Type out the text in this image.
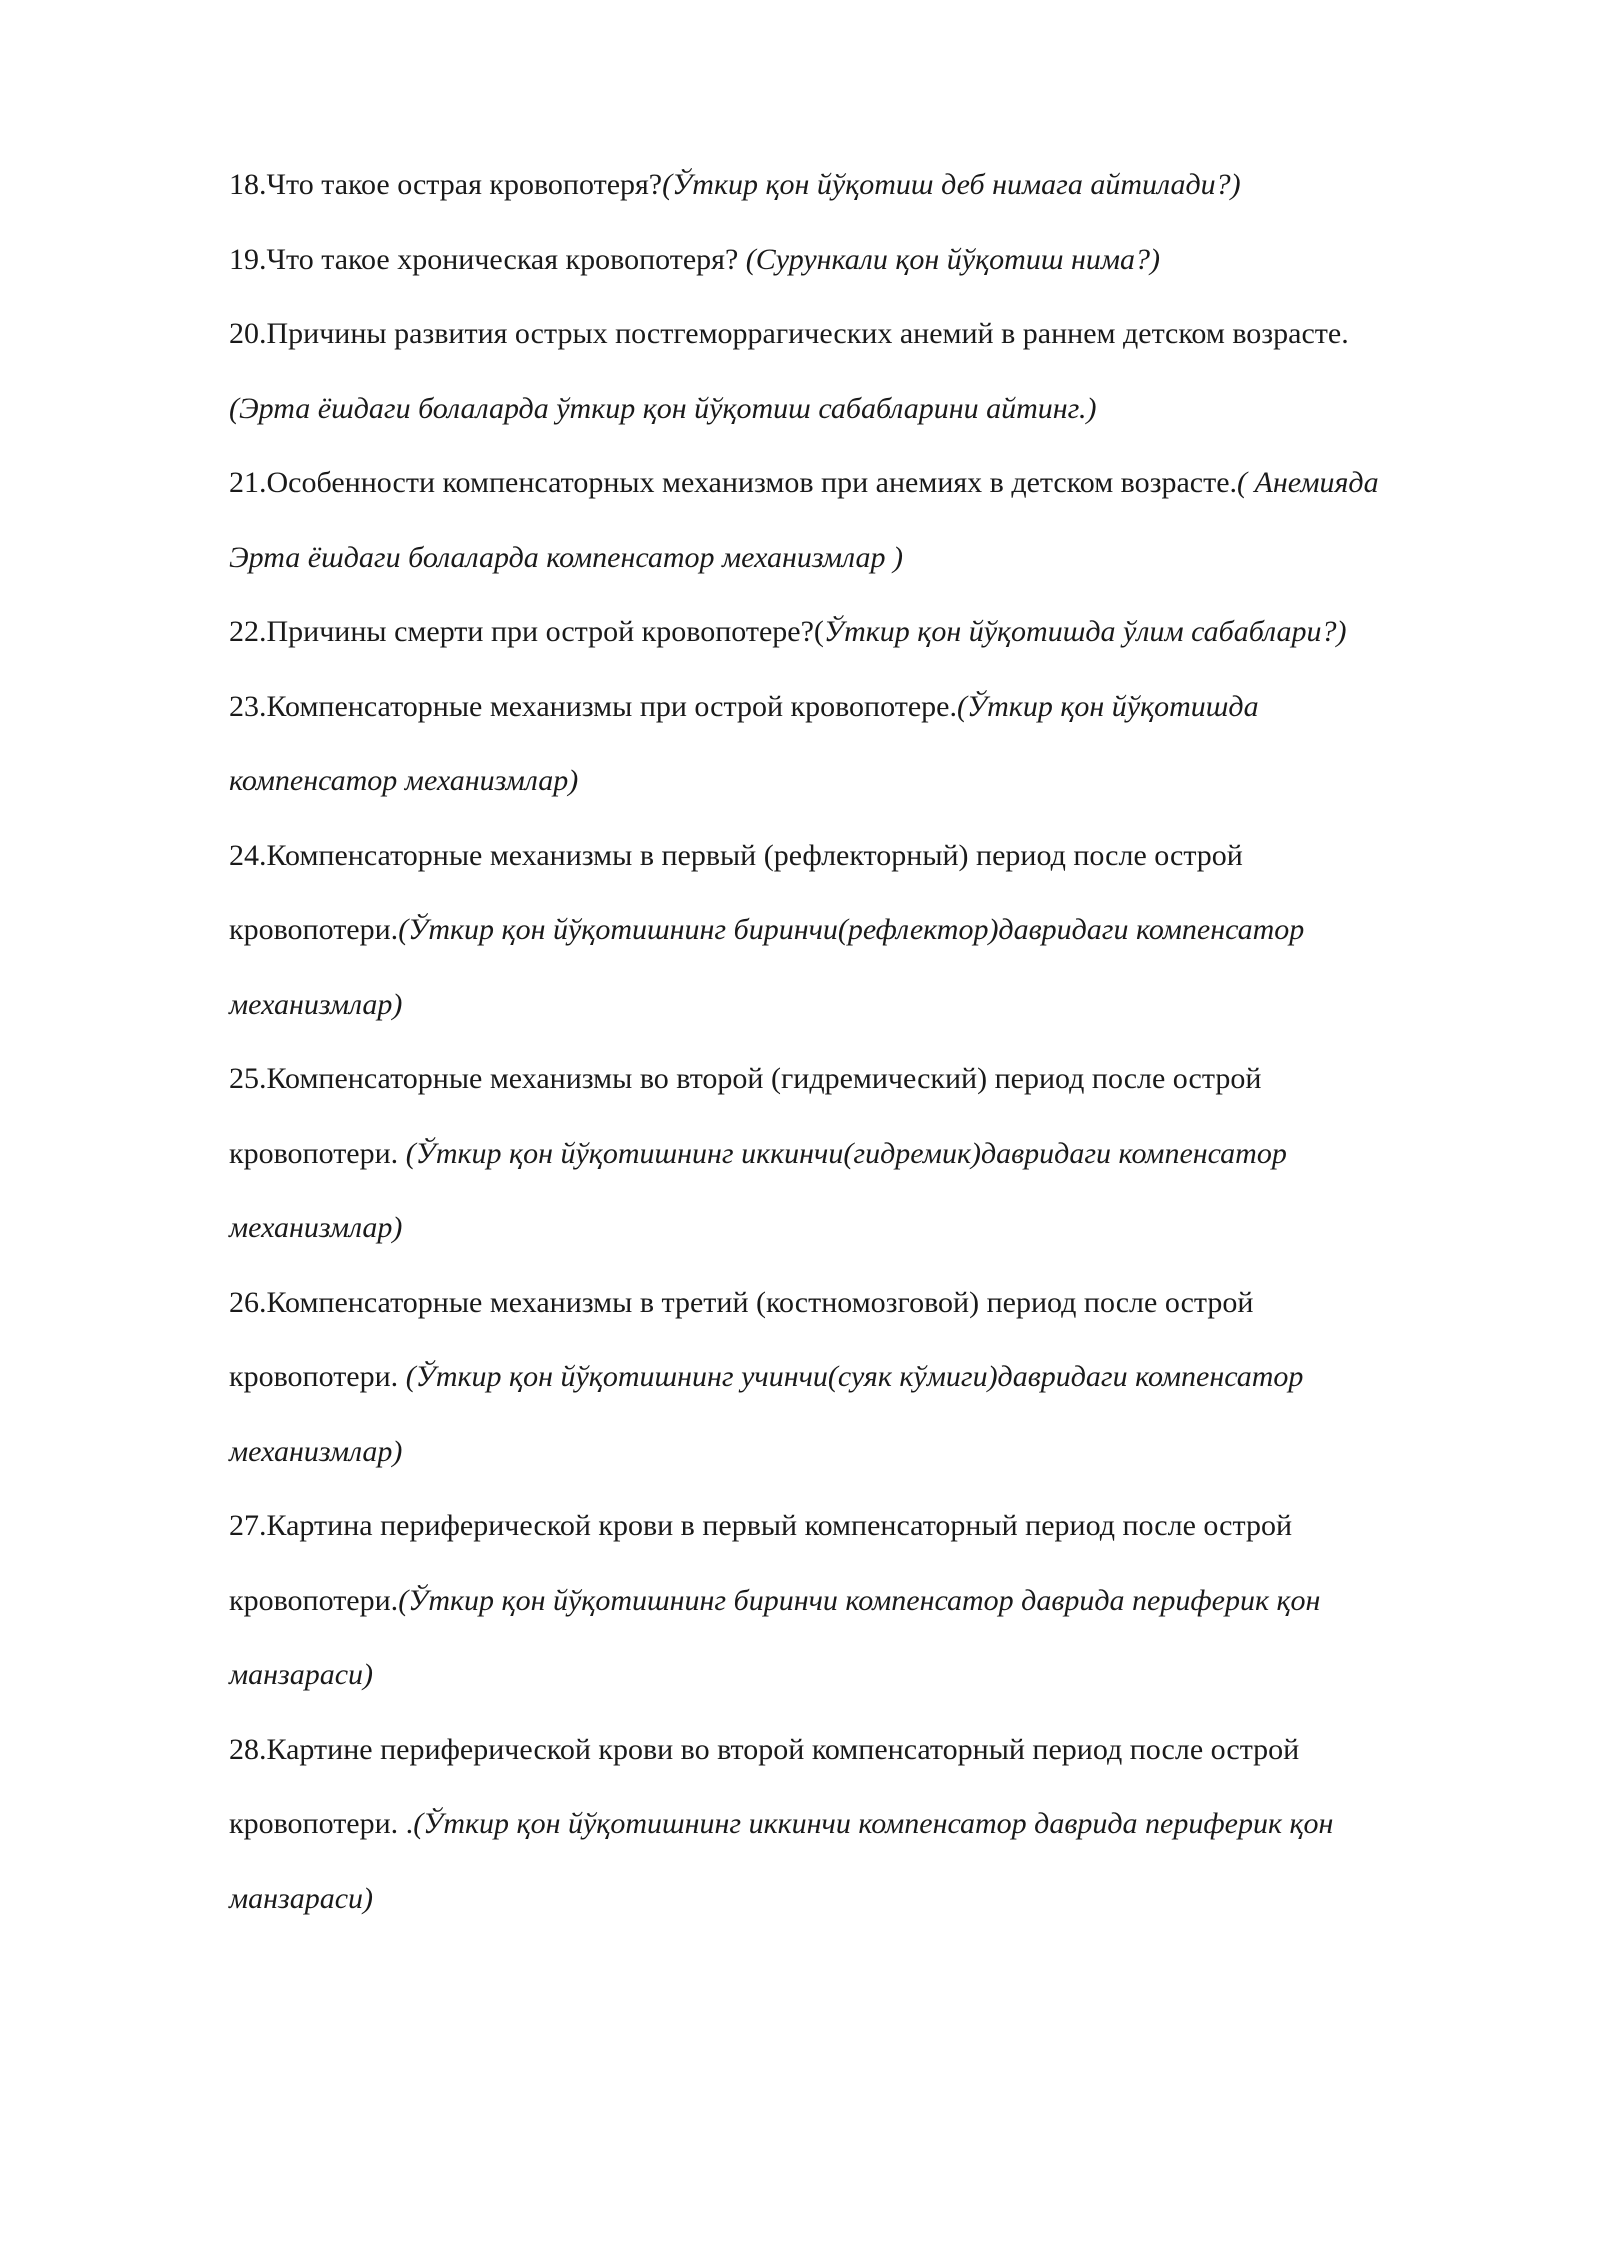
18.Что такое острая кровопотеря?(Ўткир қон йўқотиш деб нимага айтилади?)
19.Что такое хроническая кровопотеря? (Сурункали қон йўқотиш нима?)
20.Причины развития острых постгеморрагических анемий в раннем детском возрасте.
(Эрта ёшдаги болаларда ўткир қон йўқотиш сабабларини айтинг.)
21.Особенности компенсаторных механизмов при анемиях в детском возрасте.( Анемияда
Эрта ёшдаги болаларда компенсатор механизмлар )
22.Причины смерти при острой кровопотере?(Ўткир қон йўқотишда ўлим сабаблари?)
23.Компенсаторные механизмы при острой кровопотере.(Ўткир қон йўқотишда
компенсатор механизмлар)
24.Компенсаторные механизмы в первый (рефлекторный) период после острой
кровопотери.(Ўткир қон йўқотишнинг биринчи(рефлектор)давридаги компенсатор
механизмлар)
25.Компенсаторные механизмы во второй (гидремический) период после острой
кровопотери. (Ўткир қон йўқотишнинг иккинчи(гидремик)давридаги компенсатор
механизмлар)
26.Компенсаторные механизмы в третий (костномозговой) период после острой
кровопотери. (Ўткир қон йўқотишнинг учинчи(суяк кўмиги)давридаги компенсатор
механизмлар)
27.Картина периферической крови в первый компенсаторный период после острой
кровопотери.(Ўткир қон йўқотишнинг биринчи компенсатор даврида периферик қон
манзараси)
28.Картине периферической крови во второй компенсаторный период после острой
кровопотери. .(Ўткир қон йўқотишнинг иккинчи компенсатор даврида периферик қон
манзараси)
